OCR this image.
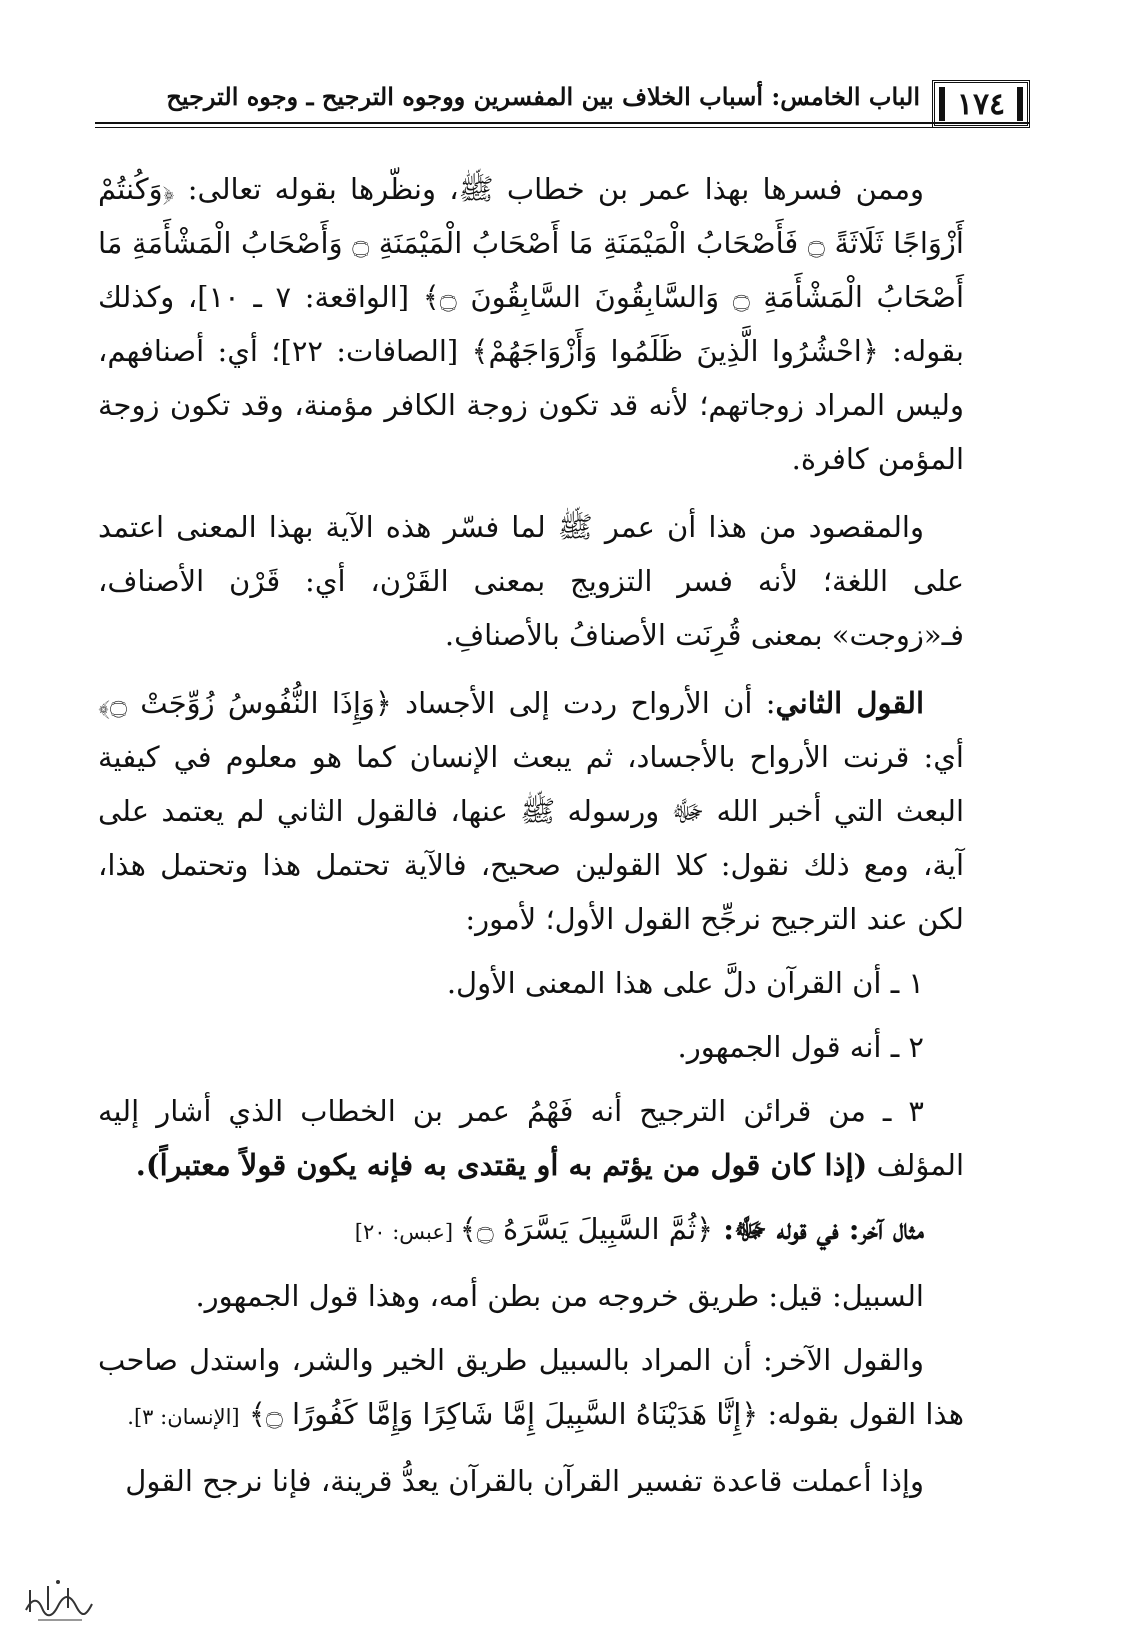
الباب الخامس: أسباب الخلاف بين المفسرين ووجوه الترجيح ـ وجوه الترجيح ١٧٤

وممن فسرها بهذا عمر بن خطاب ﷺ، ونظّرها بقوله تعالى: ﴿وَكُنتُمْ أَزْوَاجًا ثَلَاثَةً ۝ فَأَصْحَابُ الْمَيْمَنَةِ مَا أَصْحَابُ الْمَيْمَنَةِ ۝ وَأَصْحَابُ الْمَشْأَمَةِ مَا أَصْحَابُ الْمَشْأَمَةِ ۝ وَالسَّابِقُونَ السَّابِقُونَ ۝﴾ [الواقعة: ٧ ـ ١٠]، وكذلك بقوله: ﴿احْشُرُوا الَّذِينَ ظَلَمُوا وَأَزْوَاجَهُمْ﴾ [الصافات: ٢٢]؛ أي: أصنافهم، وليس المراد زوجاتهم؛ لأنه قد تكون زوجة الكافر مؤمنة، وقد تكون زوجة المؤمن كافرة.

والمقصود من هذا أن عمر ﷺ لما فسّر هذه الآية بهذا المعنى اعتمد على اللغة؛ لأنه فسر التزويج بمعنى القَرْن، أي: قَرْن الأصناف، فـ«زوجت» بمعنى قُرِنَت الأصنافُ بالأصنافِ.

القول الثاني: أن الأرواح ردت إلى الأجساد ﴿وَإِذَا النُّفُوسُ زُوِّجَتْ ۝﴾ أي: قرنت الأرواح بالأجساد، ثم يبعث الإنسان كما هو معلوم في كيفية البعث التي أخبر الله ﷻ ورسوله ﷺ عنها، فالقول الثاني لم يعتمد على آية، ومع ذلك نقول: كلا القولين صحيح، فالآية تحتمل هذا وتحتمل هذا، لكن عند الترجيح نرجِّح القول الأول؛ لأمور:

١ ـ أن القرآن دلَّ على هذا المعنى الأول.

٢ ـ أنه قول الجمهور.

٣ ـ من قرائن الترجيح أنه فَهْمُ عمر بن الخطاب الذي أشار إليه المؤلف (إذا كان قول من يؤتم به أو يقتدى به فإنه يكون قولاً معتبراً).

مثال آخر: في قوله ﷻ: ﴿ثُمَّ السَّبِيلَ يَسَّرَهُ ۝﴾ [عبس: ٢٠]

السبيل: قيل: طريق خروجه من بطن أمه، وهذا قول الجمهور.

والقول الآخر: أن المراد بالسبيل طريق الخير والشر، واستدل صاحب هذا القول بقوله: ﴿إِنَّا هَدَيْنَاهُ السَّبِيلَ إِمَّا شَاكِرًا وَإِمَّا كَفُورًا ۝﴾ [الإنسان: ٣].

وإذا أعملت قاعدة تفسير القرآن بالقرآن يعدُّ قرينة، فإنا نرجح القول
